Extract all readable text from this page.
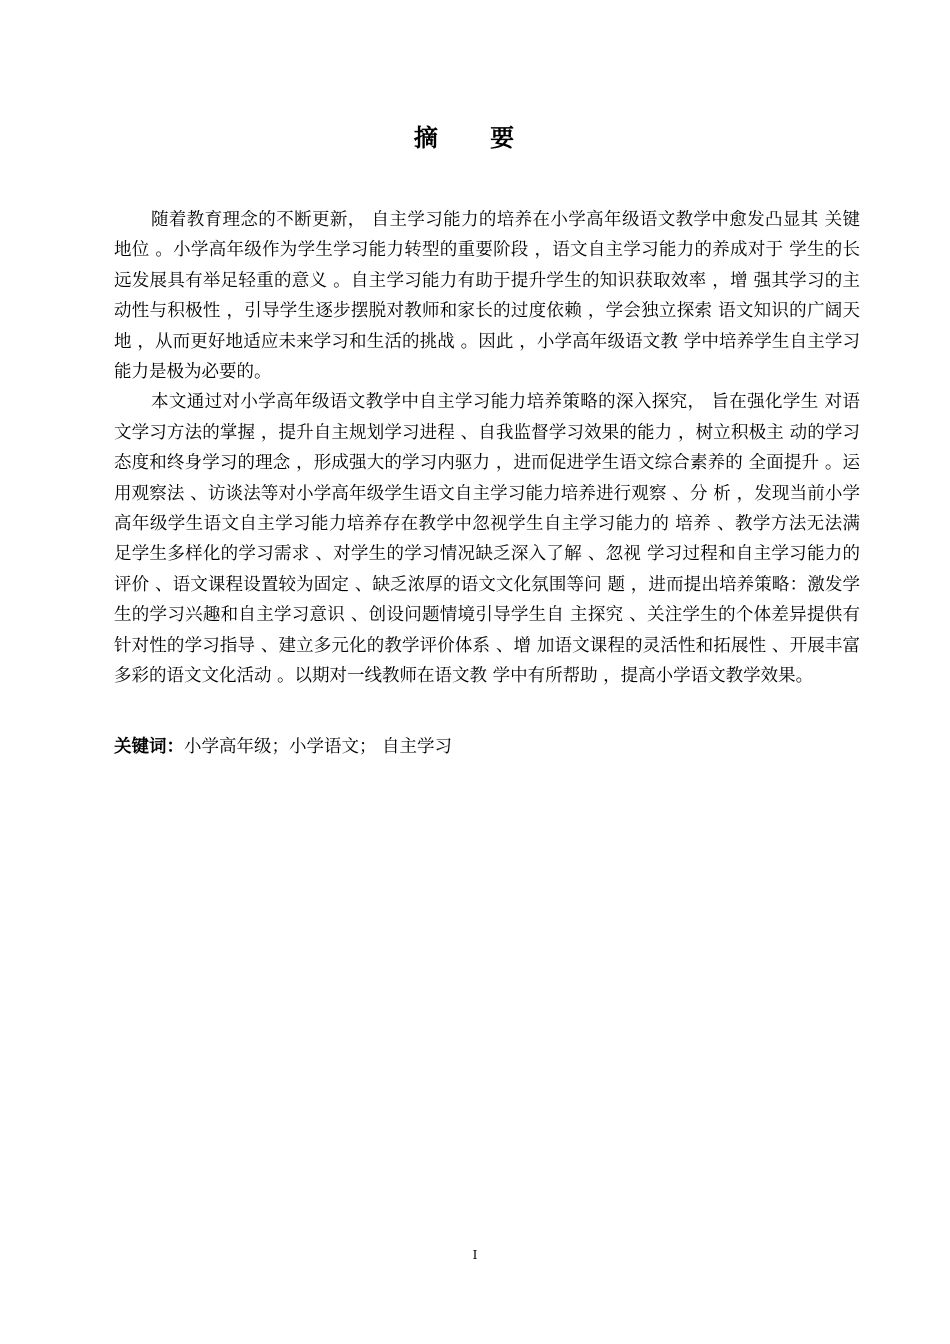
摘 要

随着教育理念的不断更新， 自主学习能力的培养在小学高年级语文教学中愈发凸显其 关键地位 。小学高年级作为学生学习能力转型的重要阶段 ，语文自主学习能力的养成对于 学生的长远发展具有举足轻重的意义 。自主学习能力有助于提升学生的知识获取效率 ，增 强其学习的主动性与积极性 ，引导学生逐步摆脱对教师和家长的过度依赖 ，学会独立探索 语文知识的广阔天地 ，从而更好地适应未来学习和生活的挑战 。因此 ，小学高年级语文教 学中培养学生自主学习能力是极为必要的。

本文通过对小学高年级语文教学中自主学习能力培养策略的深入探究， 旨在强化学生 对语文学习方法的掌握 ，提升自主规划学习进程 、自我监督学习效果的能力 ，树立积极主 动的学习态度和终身学习的理念 ，形成强大的学习内驱力 ，进而促进学生语文综合素养的 全面提升 。运用观察法 、访谈法等对小学高年级学生语文自主学习能力培养进行观察 、分 析 ，发现当前小学高年级学生语文自主学习能力培养存在教学中忽视学生自主学习能力的 培养 、教学方法无法满足学生多样化的学习需求 、对学生的学习情况缺乏深入了解 、忽视 学习过程和自主学习能力的评价 、语文课程设置较为固定 、缺乏浓厚的语文文化氛围等问 题 ，进而提出培养策略：激发学生的学习兴趣和自主学习意识 、创设问题情境引导学生自 主探究 、关注学生的个体差异提供有针对性的学习指导 、建立多元化的教学评价体系 、增 加语文课程的灵活性和拓展性 、开展丰富多彩的语文文化活动 。以期对一线教师在语文教 学中有所帮助 ，提高小学语文教学效果。

关键词：小学高年级；小学语文； 自主学习
I
